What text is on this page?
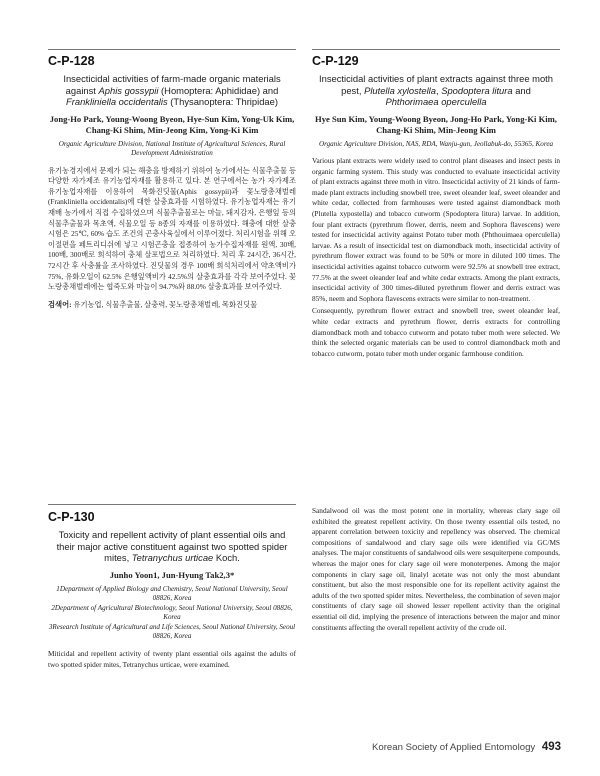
C-P-128
Insecticidal activities of farm-made organic materials against Aphis gossypii (Homoptera: Aphididae) and Frankliniella occidentalis (Thysanoptera: Thripidae)
Jong-Ho Park, Young-Woong Byeon, Hye-Sun Kim, Yong-Uk Kim, Chang-Ki Shim, Min-Jeong Kim, Yong-Ki Kim
Organic Agriculture Division, National Institute of Agricultural Sciences, Rural Development Administration

유기농경지에서 문제가 되는 해충을 방제하기 위하여 농가에서는 식물추출물 등 다양한 자가제조 유기농업자재를 활용하고 있다. 본 연구에서는 농가 자가제조 유기농업자재를 이용하여 목화진딧물(Aphis gossypii)과 꽃노랑총채벌레(Frankliniella occidentalis)에 대한 살충효과를 시험하였다. 유기농업자재는 유기재배 농가에서 직접 수집하였으며 식물추출물로는 마늘, 돼지감자, 은행잎 등의 식물추출물과 목초액, 식물오일 등 8종의 자재를 이용하였다. 해충에 대한 살충시험은 25℃, 60% 습도 조건의 곤충사육실에서 이루어졌다. 처리시험을 위해 오이절편을 페트리디쉬에 넣고 시험곤충을 접종하여 농가수집자재를 원액, 30배, 100배, 300배로 희석하여 충체 살포법으로 처리하였다. 처리 후 24시간, 36시간, 72시간 후 사충률을 조사하였다. 진딧물의 경우 100배 희석처리에서 약초액비가 75%, 유화오일이 62.5% 은행잎액비가 42.5%의 살충효과를 각각 보여주었다. 꽃노랑총채벌레에는 협죽도와 마늘이 94.7%와 88.0% 살충효과를 보여주었다.

검색어: 유기농업, 식물추출물, 살충력, 꽃노랑총채벌레, 목화진딧물
C-P-129
Insecticidal activities of plant extracts against three moth pest, Plutella xylostella, Spodoptera litura and Phthorimaea operculella
Hye Sun Kim, Young-Woong Byeon, Jong-Ho Park, Yong-Ki Kim, Chang-Ki Shim, Min-Jeong Kim
Organic Agriculture Division, NAS, RDA, Wanju-gun, Jeollabuk-do, 55365, Korea

Various plant extracts were widely used to control plant diseases and insect pests in organic farming system. This study was conducted to evaluate insecticidal activity of plant extracts against three moth in vitro. Insecticidal activity of 21 kinds of farm-made plant extracts including snowbell tree, sweet oleander leaf, sweet oleander and white cedar, collected from farmhouses were tested against diamondback moth (Plutella xypostella) and tobacco cutworm (Spodoptera litura) larvae. In addition, four plant extracts (pyrethrum flower, derris, neem and Sophora flavescens) were tested for insecticidal activity against Potato tuber moth (Phthouimaea operculella) larvae. As a result of insecticidal test on diamondback moth, insecticidal activity of pyrethrum flower extract was found to be 50% or more in diluted 100 times. The insecticidal activities against tobacco cutworm were 92.5% at snowbell tree extract, 77.5% at the sweet oleander leaf and white cedar extracts. Among the plant extracts, insecticidal activity of 300 times-diluted pyrethrum flower and derris extract was 85%, neem and Sophora flavescens extracts were similar to non-treatment.

Consequently, pyrethrum flower extract and snowbell tree, sweet oleander leaf, white cedar extracts and pyrethrum flower, derris extracts for controlling diamondback moth and tobacco cutworm and potato tuber moth were selected. We think the selected organic materials can be used to control diamondback moth and tobacco cutworm, potato tuber moth under organic farmhouse condition.

C-P-130
Toxicity and repellent activity of plant essential oils and their major active constituent against two spotted spider mites, Tetranychus urticae Koch.
Junho Yoon1, Jun-Hyung Tak2,3*
1Department of Applied Biology and Chemistry, Seoul National University, Seoul 08826, Korea
2Department of Agricultural Biotechnology, Seoul National University, Seoul 08826, Korea
3Research Institute of Agricultural and Life Sciences, Seoul National University, Seoul 08826, Korea

Miticidal and repellent activity of twenty plant essential oils against the adults of two spotted spider mites, Tetranychus urticae, were examined.

Sandalwood oil was the most potent one in mortality, whereas clary sage oil exhibited the greatest repellent activity. On those twenty essential oils tested, no apparent correlation between toxicity and repellency was observed. The chemical compositions of sandalwood and clary sage oils were identified via GC/MS analyses. The major constituents of sandalwood oils were sesquiterpene compounds, whereas the major ones for clary sage oil were monoterpenes. Among the major components in clary sage oil, linalyl acetate was not only the most abundant constituent, but also the most responsible one for its repellent activity against the adults of the two spotted spider mites. Nevertheless, the combination of seven major constituents of clary sage oil showed lesser repellent activity than the original essential oil did, implying the presence of interactions between the major and minor constituents affecting the overall repellent activity of the crude oil.

Korean Society of Applied Entomology 493
